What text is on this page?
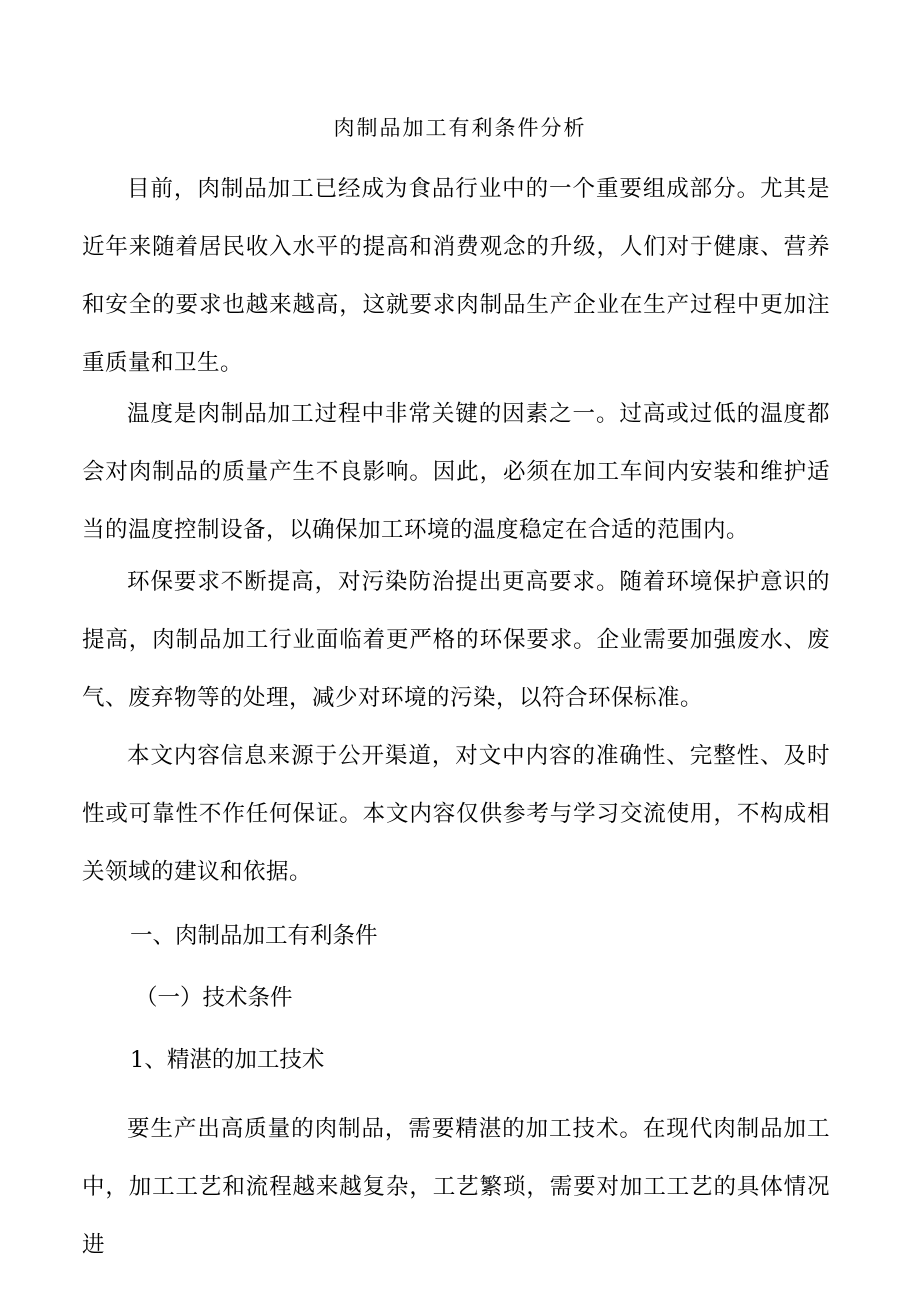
肉制品加工有利条件分析

目前，肉制品加工已经成为食品行业中的一个重要组成部分。尤其是近年来随着居民收入水平的提高和消费观念的升级，人们对于健康、营养和安全的要求也越来越高，这就要求肉制品生产企业在生产过程中更加注重质量和卫生。

温度是肉制品加工过程中非常关键的因素之一。过高或过低的温度都会对肉制品的质量产生不良影响。因此，必须在加工车间内安装和维护适当的温度控制设备，以确保加工环境的温度稳定在合适的范围内。

环保要求不断提高，对污染防治提出更高要求。随着环境保护意识的提高，肉制品加工行业面临着更严格的环保要求。企业需要加强废水、废气、废弃物等的处理，减少对环境的污染，以符合环保标准。

本文内容信息来源于公开渠道，对文中内容的准确性、完整性、及时性或可靠性不作任何保证。本文内容仅供参考与学习交流使用，不构成相关领域的建议和依据。

一、肉制品加工有利条件

（一）技术条件

1、精湛的加工技术

要生产出高质量的肉制品，需要精湛的加工技术。在现代肉制品加工中，加工工艺和流程越来越复杂，工艺繁琐，需要对加工工艺的具体情况进
